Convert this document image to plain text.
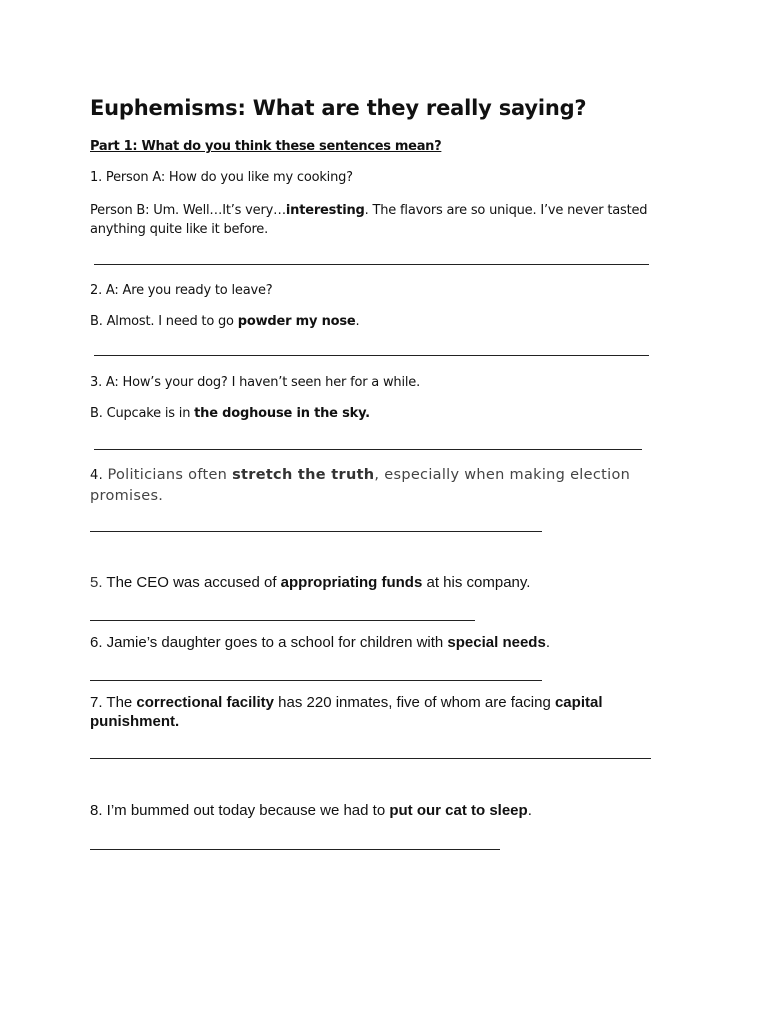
Euphemisms: What are they really saying?
Part 1: What do you think these sentences mean?
1. Person A: How do you like my cooking?
Person B: Um. Well…It’s very…interesting. The flavors are so unique. I’ve never tasted anything quite like it before.
2. A: Are you ready to leave?
B. Almost. I need to go powder my nose.
3. A: How’s your dog? I haven’t seen her for a while.
B. Cupcake is in the doghouse in the sky.
4. Politicians often stretch the truth, especially when making election promises.
5. The CEO was accused of appropriating funds at his company.
6. Jamie’s daughter goes to a school for children with special needs.
7. The correctional facility has 220 inmates, five of whom are facing capital punishment.
8. I’m bummed out today because we had to put our cat to sleep.
